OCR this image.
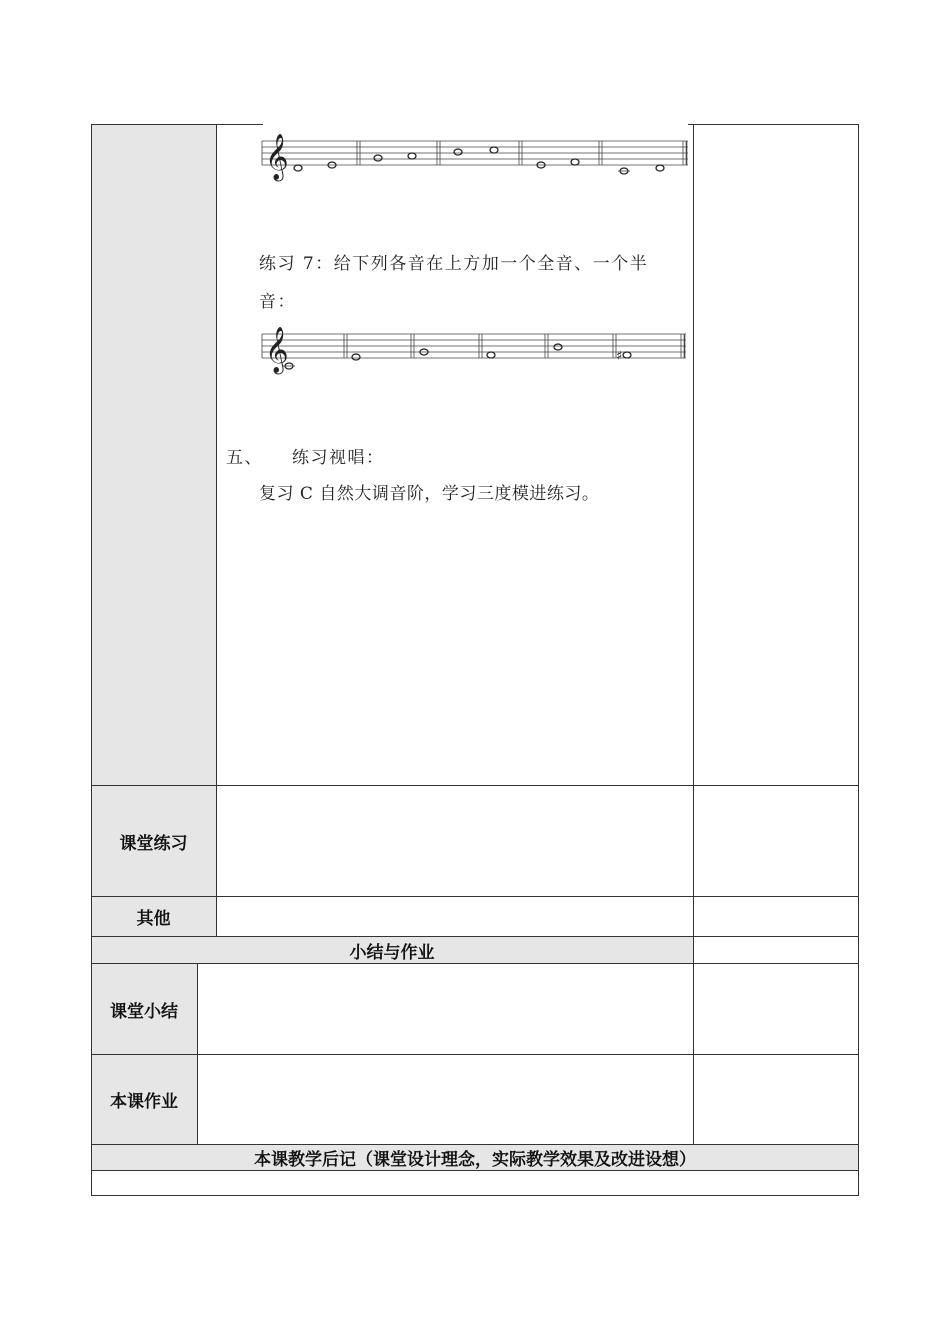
𝄞
练习 7：给下列各音在上方加一个全音、一个半
音：
𝄞	♯
五、 练习视唱：
复习 C 自然大调音阶，学习三度模进练习。
课堂练习
其他
小结与作业
课堂小结
本课作业
本课教学后记（课堂设计理念，实际教学效果及改进设想）
